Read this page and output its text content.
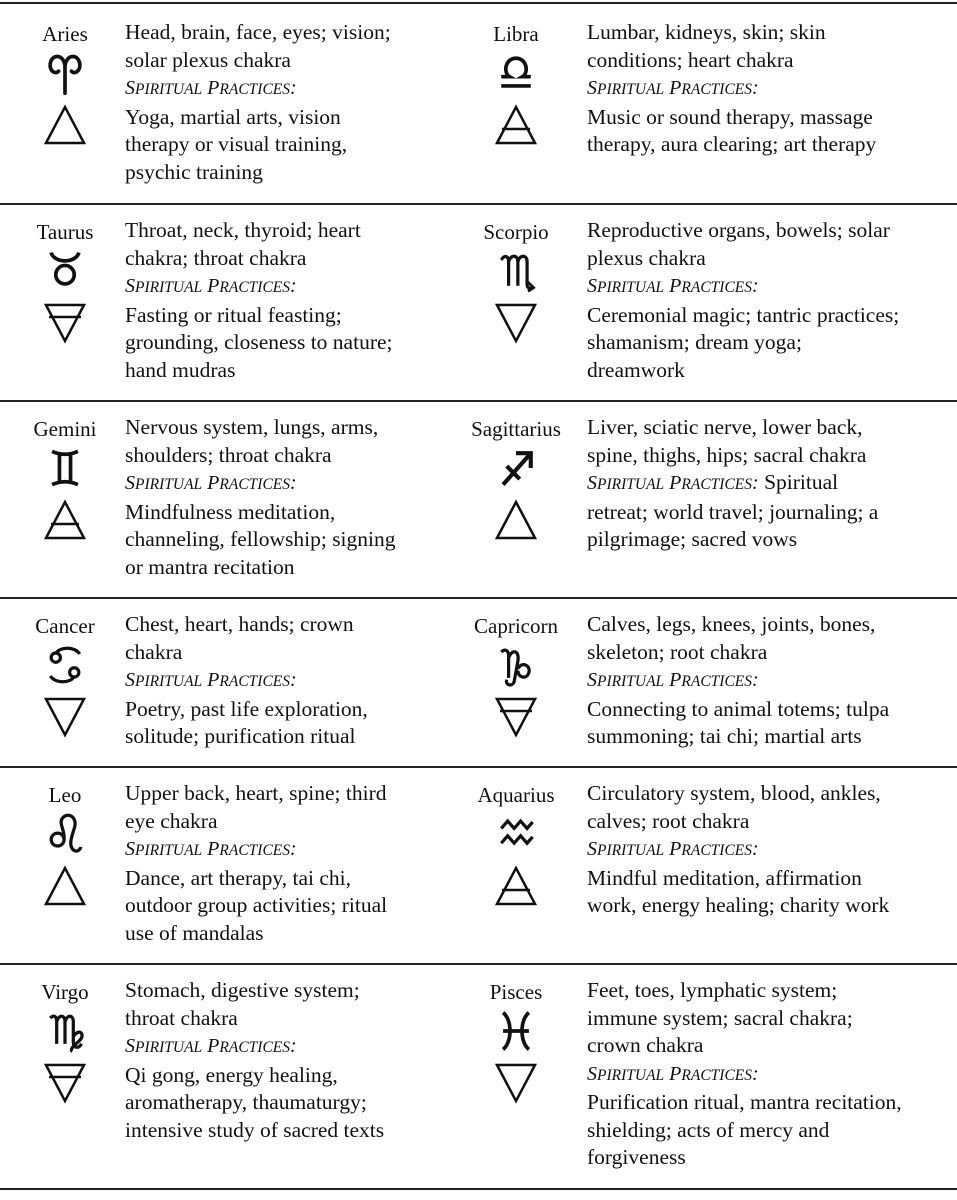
Aries	Head, brain, face, eyes; vision;
solar plexus chakra
SPIRITUAL PRACTICES:
Yoga, martial arts, vision
therapy or visual training,
psychic training
Libra	Lumbar, kidneys, skin; skin
conditions; heart chakra
SPIRITUAL PRACTICES:
Music or sound therapy, massage
therapy, aura clearing; art therapy
Taurus	Throat, neck, thyroid; heart
chakra; throat chakra
SPIRITUAL PRACTICES:
Fasting or ritual feasting;
grounding, closeness to nature;
hand mudras
Scorpio	Reproductive organs, bowels; solar
plexus chakra
SPIRITUAL PRACTICES:
Ceremonial magic; tantric practices;
shamanism; dream yoga;
dreamwork
Gemini	Nervous system, lungs, arms,
shoulders; throat chakra
SPIRITUAL PRACTICES:
Mindfulness meditation,
channeling, fellowship; signing
or mantra recitation
Sagittarius	Liver, sciatic nerve, lower back,
spine, thighs, hips; sacral chakra
SPIRITUAL PRACTICES: Spiritual
retreat; world travel; journaling; a
pilgrimage; sacred vows
Cancer	Chest, heart, hands; crown
chakra
SPIRITUAL PRACTICES:
Poetry, past life exploration,
solitude; purification ritual
Capricorn	Calves, legs, knees, joints, bones,
skeleton; root chakra
SPIRITUAL PRACTICES:
Connecting to animal totems; tulpa
summoning; tai chi; martial arts
Leo	Upper back, heart, spine; third
eye chakra
SPIRITUAL PRACTICES:
Dance, art therapy, tai chi,
outdoor group activities; ritual
use of mandalas
Aquarius	Circulatory system, blood, ankles,
calves; root chakra
SPIRITUAL PRACTICES:
Mindful meditation, affirmation
work, energy healing; charity work
Virgo	Stomach, digestive system;
throat chakra
SPIRITUAL PRACTICES:
Qi gong, energy healing,
aromatherapy, thaumaturgy;
intensive study of sacred texts
Pisces	Feet, toes, lymphatic system;
immune system; sacral chakra;
crown chakra
SPIRITUAL PRACTICES:
Purification ritual, mantra recitation,
shielding; acts of mercy and
forgiveness
